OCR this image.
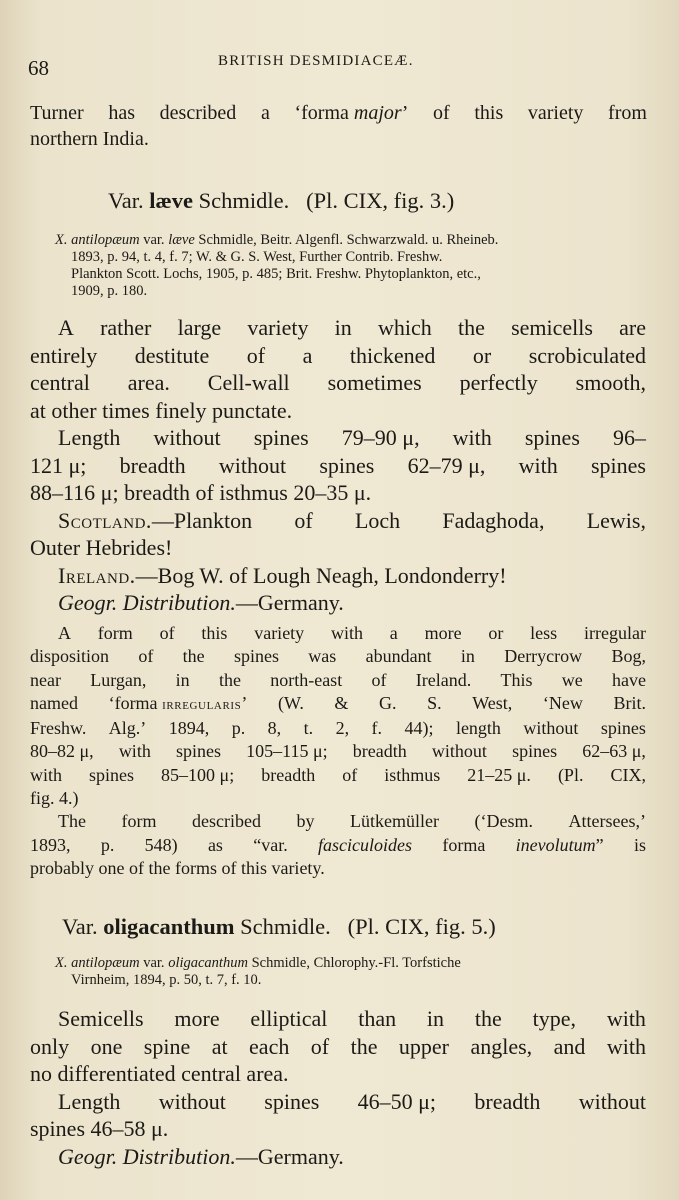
68	BRITISH DESMIDIACEÆ.
Turner has described a ‘forma major’ of this variety from
northern India.
Var. læve Schmidle. (Pl. CIX, fig. 3.)
X. antilopæum var. læve Schmidle, Beitr. Algenfl. Schwarzwald. u. Rheineb.
1893, p. 94, t. 4, f. 7; W. & G. S. West, Further Contrib. Freshw.
Plankton Scott. Lochs, 1905, p. 485; Brit. Freshw. Phytoplankton, etc.,
1909, p. 180.
A rather large variety in which the semicells are
entirely destitute of a thickened or scrobiculated
central area. Cell-wall sometimes perfectly smooth,
at other times finely punctate.
Length without spines 79–90 μ, with spines 96–
121 μ; breadth without spines 62–79 μ, with spines
88–116 μ; breadth of isthmus 20–35 μ.
Scotland.—Plankton of Loch Fadaghoda, Lewis,
Outer Hebrides!
Ireland.—Bog W. of Lough Neagh, Londonderry!
Geogr. Distribution.—Germany.
A form of this variety with a more or less irregular
disposition of the spines was abundant in Derrycrow Bog,
near Lurgan, in the north-east of Ireland. This we have
named ‘forma irregularis’ (W. & G. S. West, ‘New Brit.
Freshw. Alg.’ 1894, p. 8, t. 2, f. 44); length without spines
80–82 μ, with spines 105–115 μ; breadth without spines 62–63 μ,
with spines 85–100 μ; breadth of isthmus 21–25 μ. (Pl. CIX,
fig. 4.)
The form described by Lütkemüller (‘Desm. Attersees,’
1893, p. 548) as “var. fasciculoides forma inevolutum” is
probably one of the forms of this variety.
Var. oligacanthum Schmidle. (Pl. CIX, fig. 5.)
X. antilopæum var. oligacanthum Schmidle, Chlorophy.-Fl. Torfstiche
Virnheim, 1894, p. 50, t. 7, f. 10.
Semicells more elliptical than in the type, with
only one spine at each of the upper angles, and with
no differentiated central area.
Length without spines 46–50 μ; breadth without
spines 46–58 μ.
Geogr. Distribution.—Germany.
